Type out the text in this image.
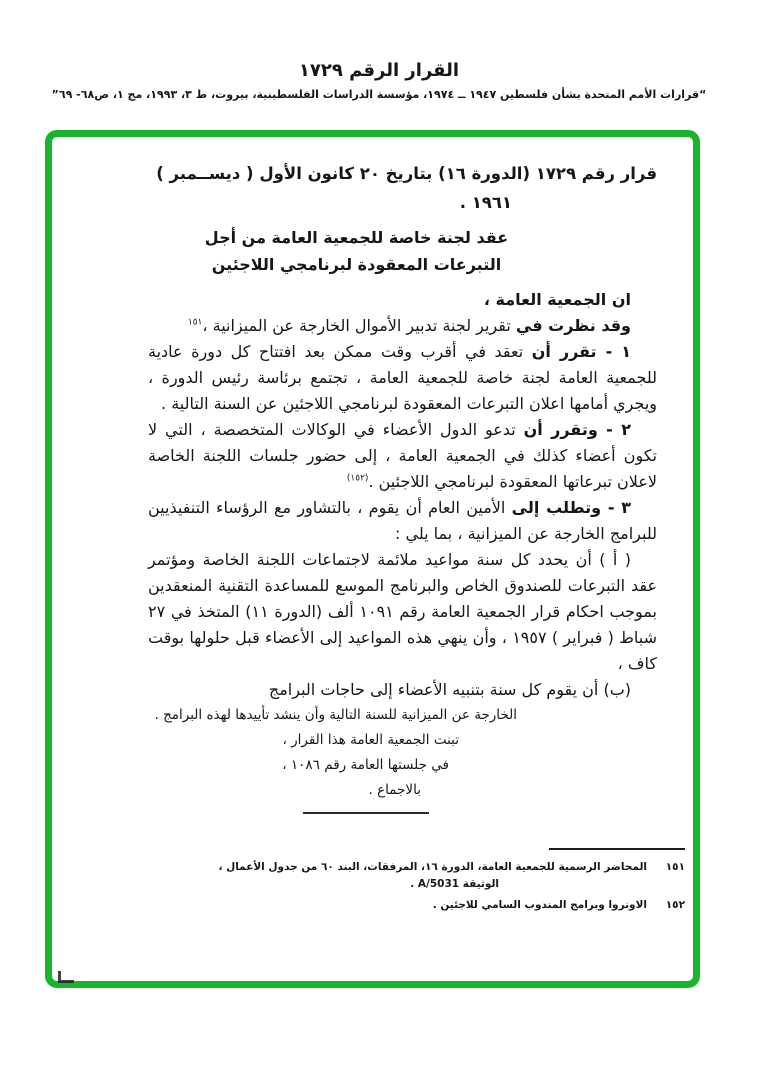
القرار الرقم ١٧٢٩
“قرارات الأمم المتحدة بشأن فلسطين ١٩٤٧ ــ ١٩٧٤، مؤسسة الدراسات الفلسطينية، بيروت، ط ٣، ١٩٩٣، مج ١، ص٦٨- ٦٩”
قرار رقم ١٧٢٩ (الدورة ١٦) بتاريخ ٢٠ كانون الأول ( ديســمبر )
١٩٦١ .
عقد لجنة خاصة للجمعية العامة من أجل
التبرعات المعقودة لبرنامجي اللاجئين

ان الجمعية العامة ،

وقد نظرت في تقرير لجنة تدبير الأموال الخارجة عن الميزانية ،$^{١٥١}$

١ - تقرر أن تعقد في أقرب وقت ممكن بعد افتتاح كل دورة عادية للجمعية العامة لجنة خاصة للجمعية العامة ، تجتمع برئاسة رئيس الدورة ، ويجري أمامها اعلان التبرعات المعقودة لبرنامجي اللاجئين عن السنة التالية .

٢ - وتقرر أن تدعو الدول الأعضاء في الوكالات المتخصصة ، التي لا تكون أعضاء كذلك في الجمعية العامة ، إلى حضور جلسات اللجنة الخاصة لاعلان تبرعاتها المعقودة لبرنامجي اللاجئين .$^{(١٥٢)}$

٣ - وتطلب إلى الأمين العام أن يقوم ، بالتشاور مع الرؤساء التنفيذيين للبرامج الخارجة عن الميزانية ، بما يلي :

( أ ) أن يحدد كل سنة مواعيد ملائمة لاجتماعات اللجنة الخاصة ومؤتمر عقد التبرعات للصندوق الخاص والبرنامج الموسع للمساعدة التقنية المنعقدين بموجب احكام قرار الجمعية العامة رقم ١٠٩١ ألف (الدورة ١١) المتخذ في ٢٧ شباط ( فبراير ) ١٩٥٧ ، وأن ينهي هذه المواعيد إلى الأعضاء قبل حلولها بوقت كاف ،

(ب) أن يقوم كل سنة بتنبيه الأعضاء إلى حاجات البرامج

الخارجة عن الميزانية للسنة التالية وأن ينشد تأييدها لهذه البرامج .
تبنت الجمعية العامة هذا القرار ،
في جلستها العامة رقم ١٠٨٦ ،
بالاجماع .
١٥١
المحاضر الرسمية للجمعية العامة، الدورة ١٦، المرفقات، البند ٦٠ من جدول الأعمال ،
الوثيقة A/5031 .
١٥٢
الاونروا وبرامج المندوب السامي للاجئين .
